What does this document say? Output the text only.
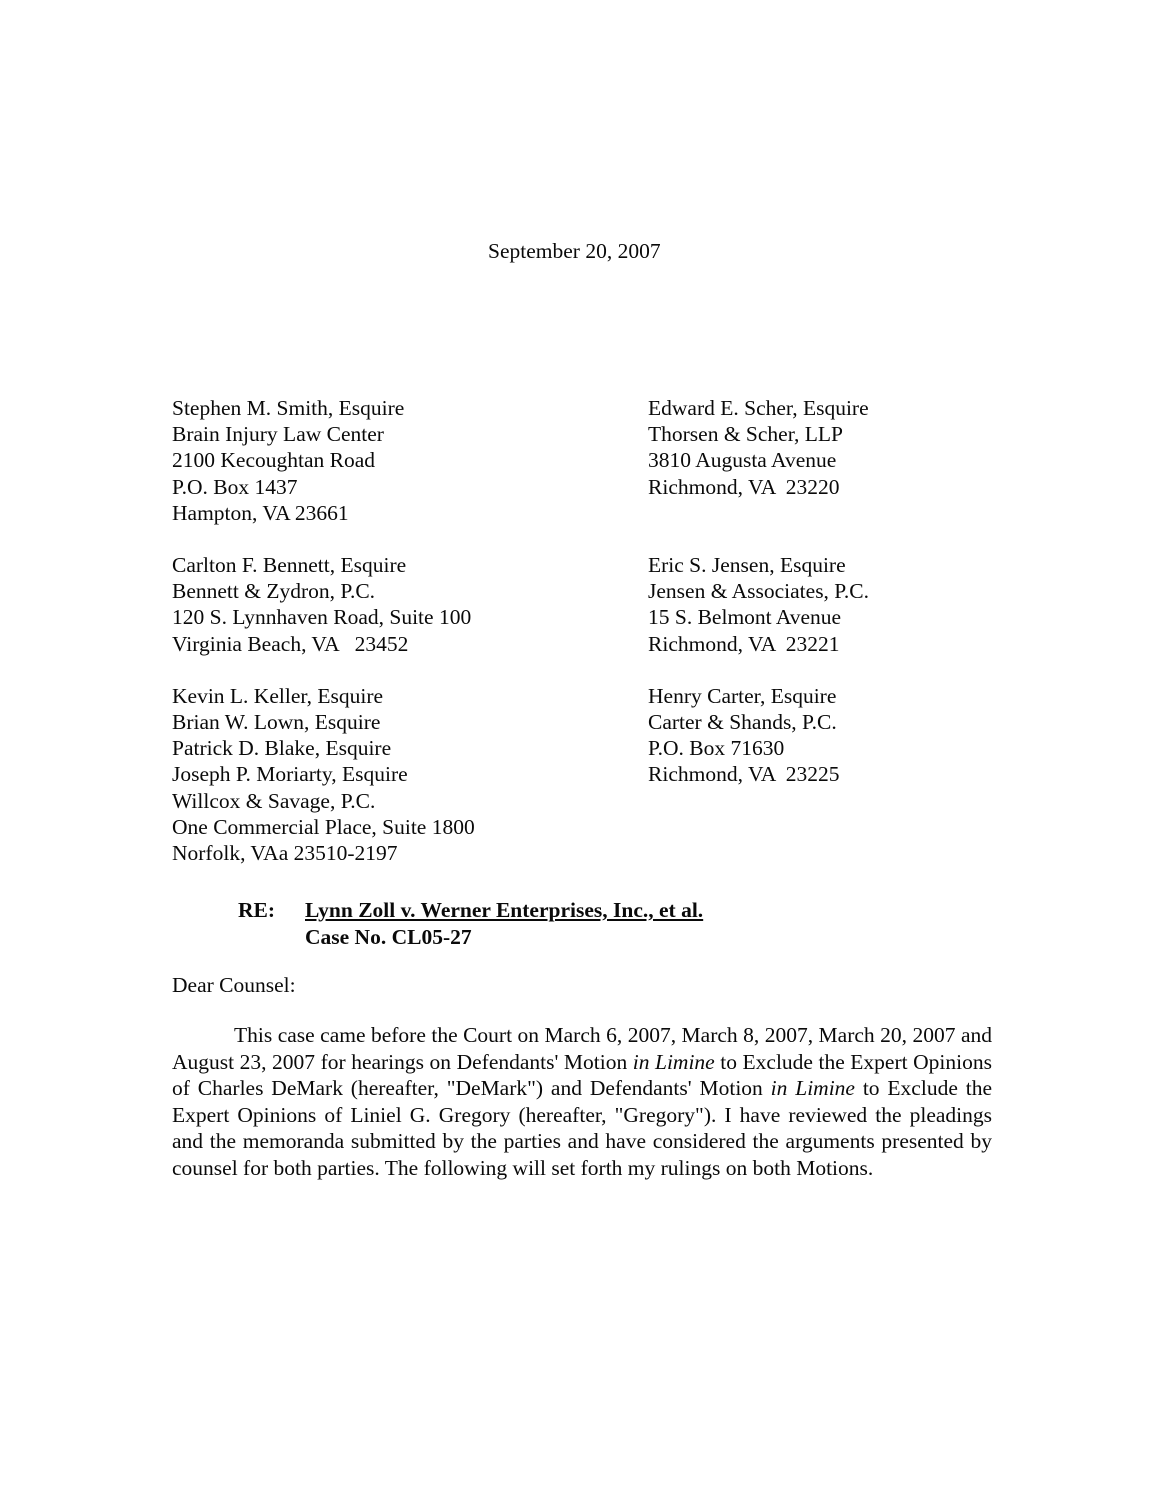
September 20, 2007
Stephen M. Smith, Esquire
Brain Injury Law Center
2100 Kecoughtan Road
P.O. Box 1437
Hampton, VA 23661
Edward E. Scher, Esquire
Thorsen & Scher, LLP
3810 Augusta Avenue
Richmond, VA  23220
Carlton F. Bennett, Esquire
Bennett & Zydron, P.C.
120 S. Lynnhaven Road, Suite 100
Virginia Beach, VA   23452
Eric S. Jensen, Esquire
Jensen & Associates, P.C.
15 S. Belmont Avenue
Richmond, VA  23221
Kevin L. Keller, Esquire
Brian W. Lown, Esquire
Patrick D. Blake, Esquire
Joseph P. Moriarty, Esquire
Willcox & Savage, P.C.
One Commercial Place, Suite 1800
Norfolk, VAa 23510-2197
Henry Carter, Esquire
Carter & Shands, P.C.
P.O. Box 71630
Richmond, VA  23225
RE:	Lynn Zoll v. Werner Enterprises, Inc., et al.

Case No. CL05-27
Dear Counsel:

This case came before the Court on March 6, 2007, March 8, 2007, March 20, 2007 and August 23, 2007 for hearings on Defendants' Motion in Limine to Exclude the Expert Opinions of Charles DeMark (hereafter, "DeMark") and Defendants' Motion in Limine to Exclude the Expert Opinions of Liniel G. Gregory (hereafter, "Gregory"). I have reviewed the pleadings and the memoranda submitted by the parties and have considered the arguments presented by counsel for both parties. The following will set forth my rulings on both Motions.
